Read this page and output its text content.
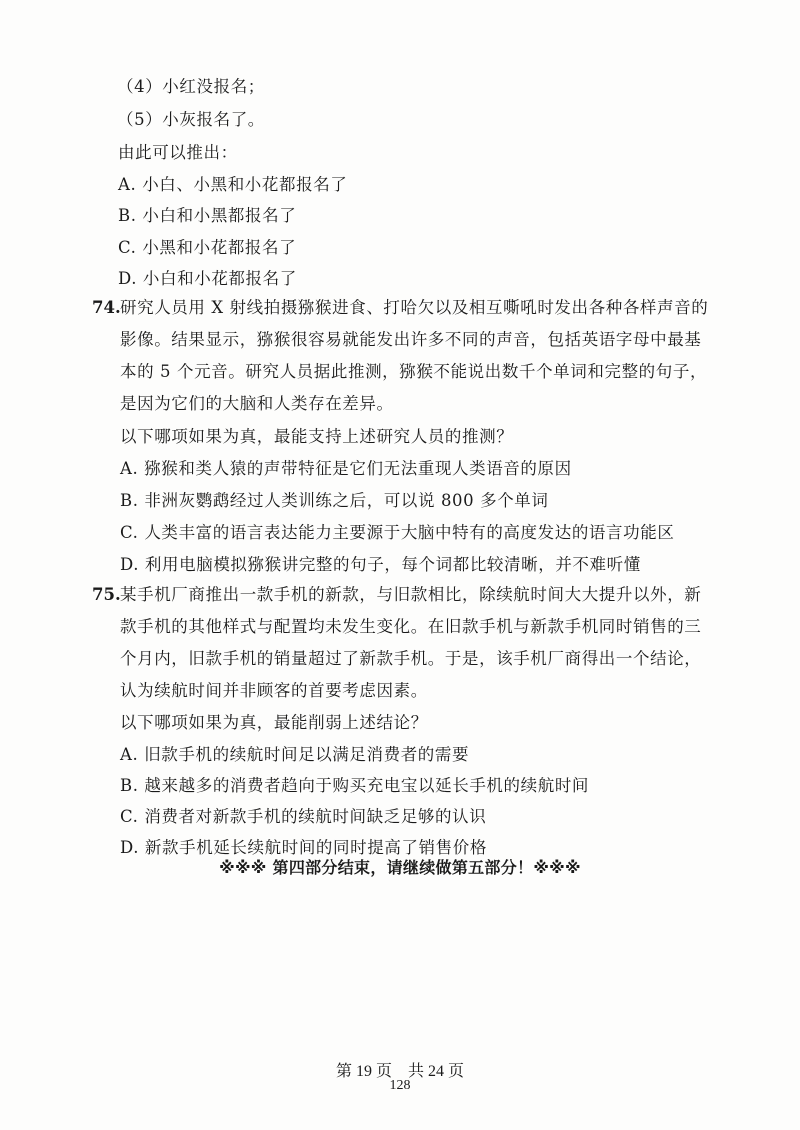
（4）小红没报名；
（5）小灰报名了。
由此可以推出：
A. 小白、小黑和小花都报名了
B. 小白和小黑都报名了
C. 小黑和小花都报名了
D. 小白和小花都报名了
74. 研究人员用 X 射线拍摄猕猴进食、打哈欠以及相互嘶吼时发出各种各样声音的
影像。结果显示，猕猴很容易就能发出许多不同的声音，包括英语字母中最基
本的 5 个元音。研究人员据此推测，猕猴不能说出数千个单词和完整的句子，
是因为它们的大脑和人类存在差异。
以下哪项如果为真，最能支持上述研究人员的推测？
A. 猕猴和类人猿的声带特征是它们无法重现人类语音的原因
B. 非洲灰鹦鹉经过人类训练之后，可以说 800 多个单词
C. 人类丰富的语言表达能力主要源于大脑中特有的高度发达的语言功能区
D. 利用电脑模拟猕猴讲完整的句子，每个词都比较清晰，并不难听懂
75. 某手机厂商推出一款手机的新款，与旧款相比，除续航时间大大提升以外，新
款手机的其他样式与配置均未发生变化。在旧款手机与新款手机同时销售的三
个月内，旧款手机的销量超过了新款手机。于是，该手机厂商得出一个结论，
认为续航时间并非顾客的首要考虑因素。
以下哪项如果为真，最能削弱上述结论？
A. 旧款手机的续航时间足以满足消费者的需要
B. 越来越多的消费者趋向于购买充电宝以延长手机的续航时间
C. 消费者对新款手机的续航时间缺乏足够的认识
D. 新款手机延长续航时间的同时提高了销售价格
※※※ 第四部分结束，请继续做第五部分！※※※
第 19 页　共 24 页
128
